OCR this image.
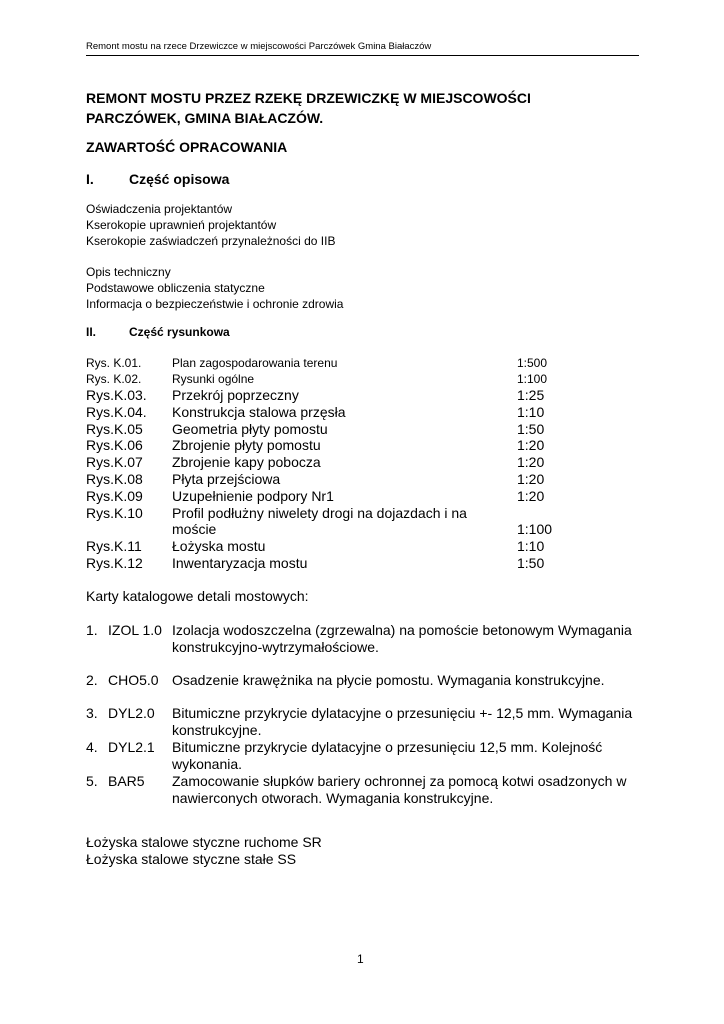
Remont mostu na rzece Drzewiczce w miejscowości Parczówek Gmina Białaczów
REMONT MOSTU PRZEZ RZEKĘ DRZEWICZKĘ W MIEJSCOWOŚCI
PARCZÓWEK, GMINA BIAŁACZÓW.
ZAWARTOŚĆ OPRACOWANIA
I.	Część opisowa
Oświadczenia projektantów
Kserokopie uprawnień projektantów
Kserokopie zaświadczeń przynależności do IIB
Opis techniczny
Podstawowe obliczenia statyczne
Informacja o bezpieczeństwie i ochronie zdrowia
II.	Część rysunkowa
Rys. K.01.	Plan zagospodarowania terenu	1:500
Rys. K.02.	Rysunki ogólne	1:100
Rys.K.03. Przekrój poprzeczny	1:25
Rys.K.04. Konstrukcja stalowa przęsła	1:10
Rys.K.05 Geometria płyty pomostu	1:50
Rys.K.06 Zbrojenie płyty pomostu	1:20
Rys.K.07 Zbrojenie kapy pobocza	1:20
Rys.K.08 Płyta przejściowa	1:20
Rys.K.09 Uzupełnienie podpory Nr1	1:20
Rys.K.10 Profil podłużny niwelety drogi na dojazdach i na moście	1:100
Rys.K.11 Łożyska mostu	1:10
Rys.K.12 Inwentaryzacja mostu	1:50
Karty katalogowe detali mostowych:
1. IZOL 1.0 Izolacja wodoszczelna (zgrzewalna) na pomoście betonowym Wymagania konstrukcyjno-wytrzymałościowe.
2. CHO5.0 Osadzenie krawężnika na płycie pomostu. Wymagania konstrukcyjne.
3. DYL2.0 Bitumiczne przykrycie dylatacyjne o przesunięciu +- 12,5 mm. Wymagania konstrukcyjne.
4. DYL2.1 Bitumiczne przykrycie dylatacyjne o przesunięciu 12,5 mm. Kolejność wykonania.
5. BAR5 Zamocowanie słupków bariery ochronnej za pomocą kotwi osadzonych w nawierconych otworach. Wymagania konstrukcyjne.
Łożyska stalowe styczne ruchome SR
Łożyska stalowe styczne stałe SS
1
